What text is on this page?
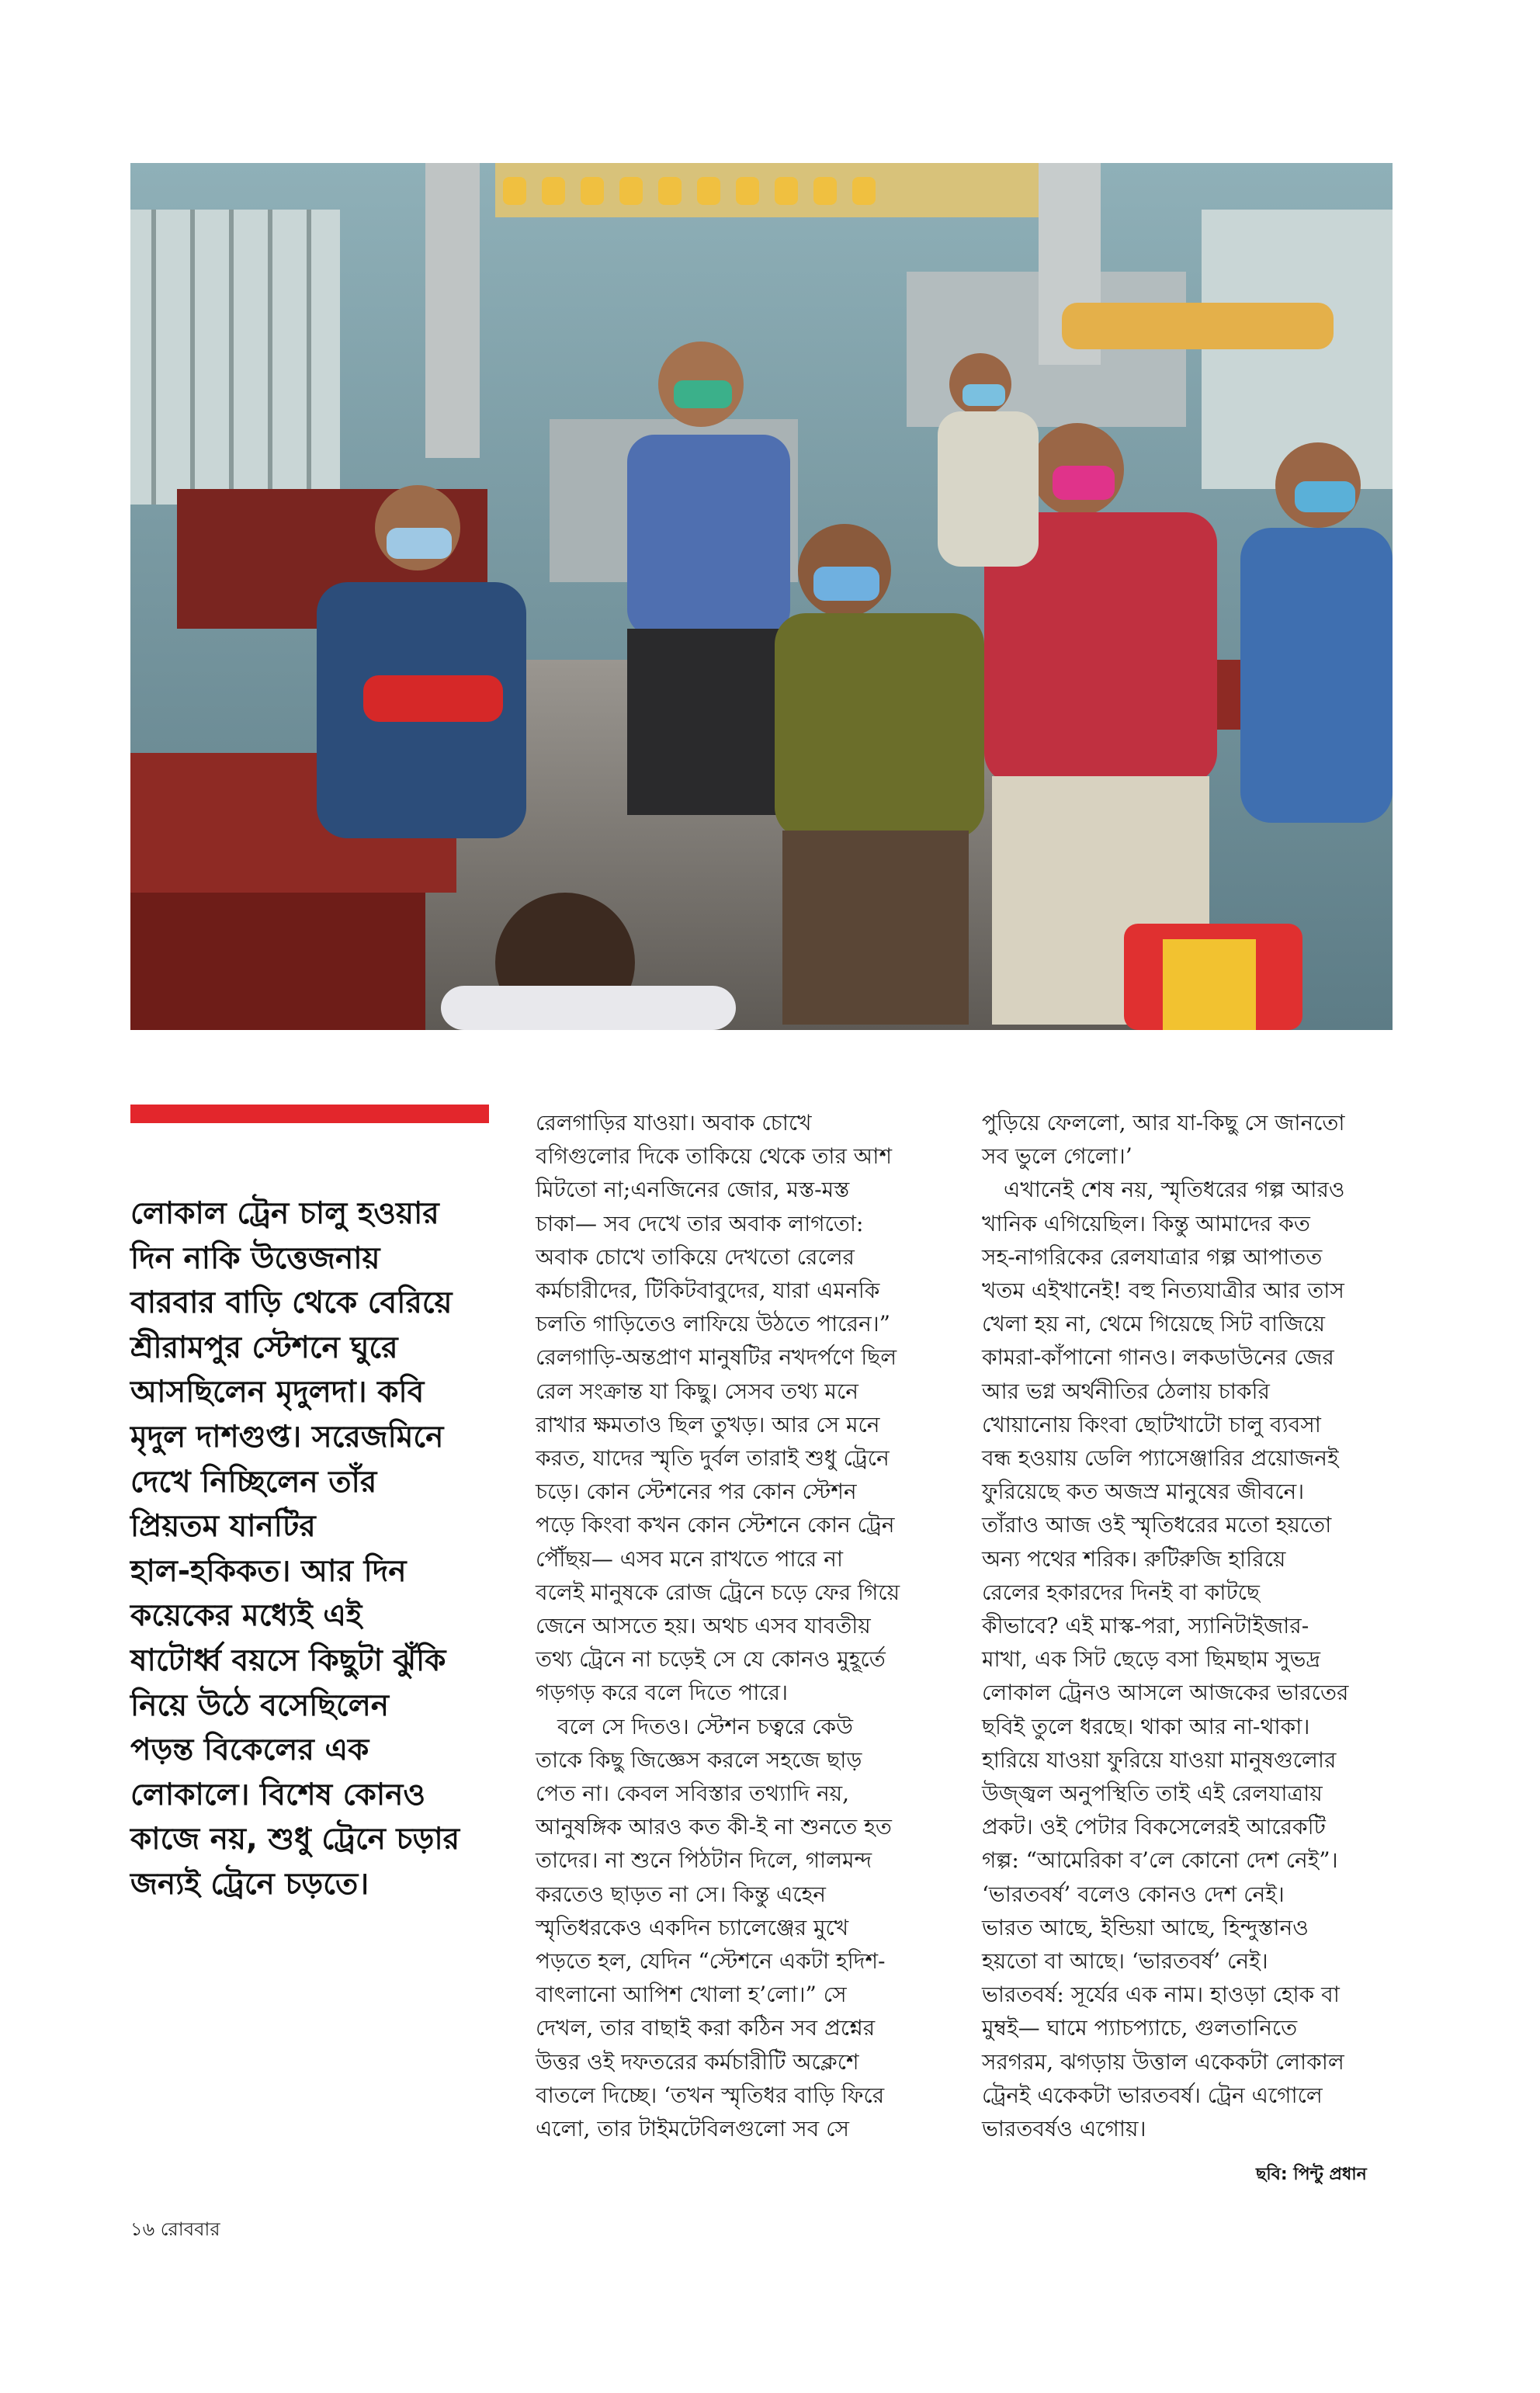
লোকাল ট্রেন চালু হওয়ার
দিন নাকি উত্তেজনায়
বারবার বাড়ি থেকে বেরিয়ে
শ্রীরামপুর স্টেশনে ঘুরে
আসছিলেন মৃদুলদা। কবি
মৃদুল দাশগুপ্ত। সরেজমিনে
দেখে নিচ্ছিলেন তাঁর
প্রিয়তম যানটির
হাল-হকিকত। আর দিন
কয়েকের মধ্যেই এই
ষাটোর্ধ্ব বয়সে কিছুটা ঝুঁকি
নিয়ে উঠে বসেছিলেন
পড়ন্ত বিকেলের এক
লোকালে। বিশেষ কোনও
কাজে নয়, শুধু ট্রেনে চড়ার
জন্যই ট্রেনে চড়তে।

রেলগাড়ির যাওয়া। অবাক চোখে

বগিগুলোর দিকে তাকিয়ে থেকে তার আশ

মিটতো না;এনজিনের জোর, মস্ত-মস্ত

চাকা— সব দেখে তার অবাক লাগতো:

অবাক চোখে তাকিয়ে দেখতো রেলের

কর্মচারীদের, টিকিটবাবুদের, যারা এমনকি

চলতি গাড়িতেও লাফিয়ে উঠতে পারেন।”

রেলগাড়ি-অন্তপ্রাণ মানুষটির নখদর্পণে ছিল

রেল সংক্রান্ত যা কিছু। সেসব তথ্য মনে

রাখার ক্ষমতাও ছিল তুখড়। আর সে মনে

করত, যাদের স্মৃতি দুর্বল তারাই শুধু ট্রেনে

চড়ে। কোন স্টেশনের পর কোন স্টেশন

পড়ে কিংবা কখন কোন স্টেশনে কোন ট্রেন

পৌঁছয়— এসব মনে রাখতে পারে না

বলেই মানুষকে রোজ ট্রেনে চড়ে ফের গিয়ে

জেনে আসতে হয়। অথচ এসব যাবতীয়

তথ্য ট্রেনে না চড়েই সে যে কোনও মুহূর্তে

গড়গড় করে বলে দিতে পারে।

বলে সে দিতও। স্টেশন চত্বরে কেউ

তাকে কিছু জিজ্ঞেস করলে সহজে ছাড়

পেত না। কেবল সবিস্তার তথ্যাদি নয়,

আনুষঙ্গিক আরও কত কী-ই না শুনতে হত

তাদের। না শুনে পিঠটান দিলে, গালমন্দ

করতেও ছাড়ত না সে। কিন্তু এহেন

স্মৃতিধরকেও একদিন চ্যালেঞ্জের মুখে

পড়তে হল, যেদিন “স্টেশনে একটা হদিশ-

বাৎলানো আপিশ খোলা হ’লো।” সে

দেখল, তার বাছাই করা কঠিন সব প্রশ্নের

উত্তর ওই দফতরের কর্মচারীটি অক্লেশে

বাতলে দিচ্ছে। ‘তখন স্মৃতিধর বাড়ি ফিরে

এলো, তার টাইমটেবিলগুলো সব সে

পুড়িয়ে ফেললো, আর যা-কিছু সে জানতো

সব ভুলে গেলো।’

এখানেই শেষ নয়, স্মৃতিধরের গল্প আরও

খানিক এগিয়েছিল। কিন্তু আমাদের কত

সহ-নাগরিকের রেলযাত্রার গল্প আপাতত

খতম এইখানেই! বহু নিত্যযাত্রীর আর তাস

খেলা হয় না, থেমে গিয়েছে সিট বাজিয়ে

কামরা-কাঁপানো গানও। লকডাউনের জের

আর ভগ্ন অর্থনীতির ঠেলায় চাকরি

খোয়ানোয় কিংবা ছোটখাটো চালু ব্যবসা

বন্ধ হওয়ায় ডেলি প্যাসেঞ্জারির প্রয়োজনই

ফুরিয়েছে কত অজস্র মানুষের জীবনে।

তাঁরাও আজ ওই স্মৃতিধরের মতো হয়তো

অন্য পথের শরিক। রুটিরুজি হারিয়ে

রেলের হকারদের দিনই বা কাটছে

কীভাবে? এই মাস্ক-পরা, স্যানিটাইজার-

মাখা, এক সিট ছেড়ে বসা ছিমছাম সুভদ্র

লোকাল ট্রেনও আসলে আজকের ভারতের

ছবিই তুলে ধরছে। থাকা আর না-থাকা।

হারিয়ে যাওয়া ফুরিয়ে যাওয়া মানুষগুলোর

উজ্জ্বল অনুপস্থিতি তাই এই রেলযাত্রায়

প্রকট। ওই পেটার বিকসেলেরই আরেকটি

গল্প: “আমেরিকা ব’লে কোনো দেশ নেই”।

‘ভারতবর্ষ’ বলেও কোনও দেশ নেই।

ভারত আছে, ইন্ডিয়া আছে, হিন্দুস্তানও

হয়তো বা আছে। ‘ভারতবর্ষ’ নেই।

ভারতবর্ষ: সূর্যের এক নাম। হাওড়া হোক বা

মুম্বই— ঘামে প্যাচপ্যাচে, গুলতানিতে

সরগরম, ঝগড়ায় উত্তাল একেকটা লোকাল

ট্রেনই একেকটা ভারতবর্ষ। ট্রেন এগোলে

ভারতবর্ষও এগোয়।

ছবি: পিন্টু প্রধান
১৬ রোববার
